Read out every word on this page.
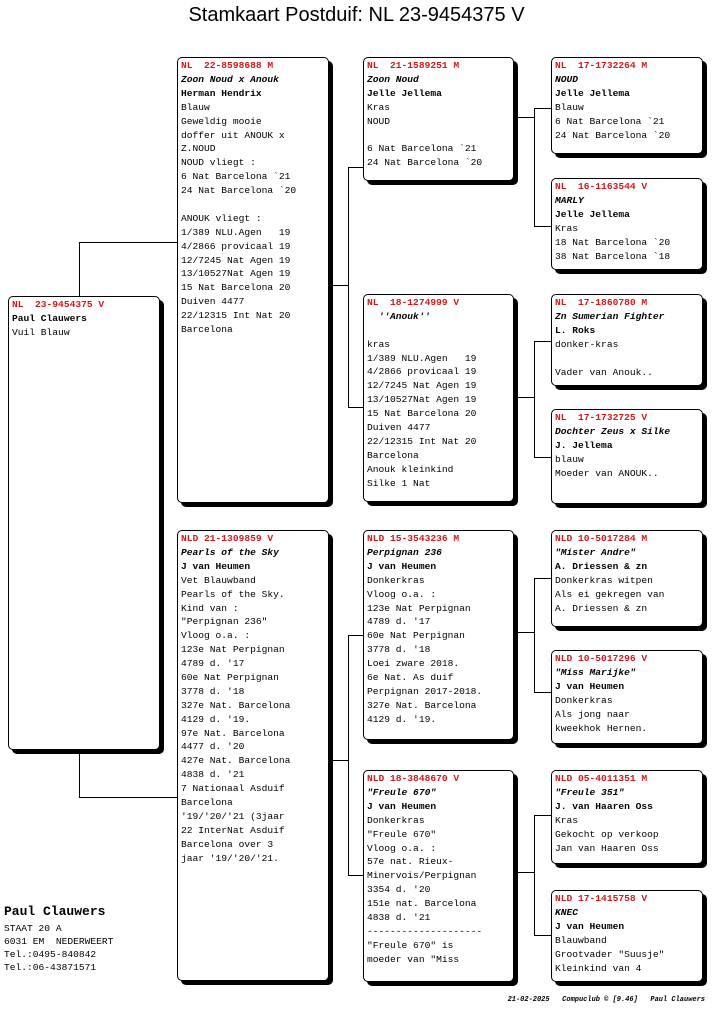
Stamkaart Postduif: NL 23-9454375 V
NL  23-9454375 V
Paul Clauwers
Vuil Blauw
NL  22-8598688 M
Zoon Noud x Anouk
Herman Hendrix
Blauw
Geweldig mooie
doffer uit ANOUK x
Z.NOUD
NOUD vliegt :
6 Nat Barcelona `21
24 Nat Barcelona `20
ANOUK vliegt :
1/389 NLU.Agen   19
4/2866 provicaal 19
12/7245 Nat Agen 19
13/10527Nat Agen 19
15 Nat Barcelona 20
Duiven 4477
22/12315 Int Nat 20
Barcelona
NLD 21-1309859 V
Pearls of the Sky
J van Heumen
Vet Blauwband
Pearls of the Sky.
Kind van :
"Perpignan 236"
Vloog o.a. :
123e Nat Perpignan
4789 d. '17
60e Nat Perpignan
3778 d. '18
327e Nat. Barcelona
4129 d. '19.
97e Nat. Barcelona
4477 d. '20
427e Nat. Barcelona
4838 d. '21
7 Nationaal Asduif
Barcelona
'19/'20/'21 (3jaar
22 InterNat Asduif
Barcelona over 3
jaar '19/'20/'21.
NL  21-1589251 M
Zoon Noud
Jelle Jellema
Kras
NOUD
6 Nat Barcelona `21
24 Nat Barcelona `20
NL  18-1274999 V
''Anouk''
kras
1/389 NLU.Agen   19
4/2866 provicaal 19
12/7245 Nat Agen 19
13/10527Nat Agen 19
15 Nat Barcelona 20
Duiven 4477
22/12315 Int Nat 20
Barcelona
Anouk kleinkind
Silke 1 Nat
NLD 15-3543236 M
Perpignan 236
J van Heumen
Donkerkras
Vloog o.a. :
123e Nat Perpignan
4789 d. '17
60e Nat Perpignan
3778 d. '18
Loei zware 2018.
6e Nat. As duif
Perpignan 2017-2018.
327e Nat. Barcelona
4129 d. '19.
NLD 18-3848670 V
"Freule 670"
J van Heumen
Donkerkras
"Freule 670"
Vloog o.a. :
57e nat. Rieux-
Minervois/Perpignan
3354 d. '20
151e nat. Barcelona
4838 d. '21
--------------------
"Freule 670" is
moeder van "Miss
NL  17-1732264 M
NOUD
Jelle Jellema
Blauw
6 Nat Barcelona `21
24 Nat Barcelona `20
NL  16-1163544 V
MARLY
Jelle Jellema
Kras
18 Nat Barcelona `20
38 Nat Barcelona `18
NL  17-1860780 M
Zn Sumerian Fighter
L. Roks
donker-kras
Vader van Anouk..
NL  17-1732725 V
Dochter Zeus x Silke
J. Jellema
blauw
Moeder van ANOUK..
NLD 10-5017284 M
"Mister Andre"
A. Driessen & zn
Donkerkras witpen
Als ei gekregen van
A. Driessen & zn
NLD 10-5017296 V
"Miss Marijke"
J van Heumen
Donkerkras
Als jong naar
kweekhok Hernen.
NLD 05-4011351 M
"Freule 351"
J. van Haaren Oss
Kras
Gekocht op verkoop
Jan van Haaren Oss
NLD 17-1415758 V
KNEC
J van Heumen
Blauwband
Grootvader "Suusje"
Kleinkind van 4
Paul Clauwers
STAAT 20 A
6031 EM  NEDERWEERT
Tel.:0495-840842
Tel.:06-43871571
21-02-2025   Compuclub © [9.46]   Paul Clauwers
